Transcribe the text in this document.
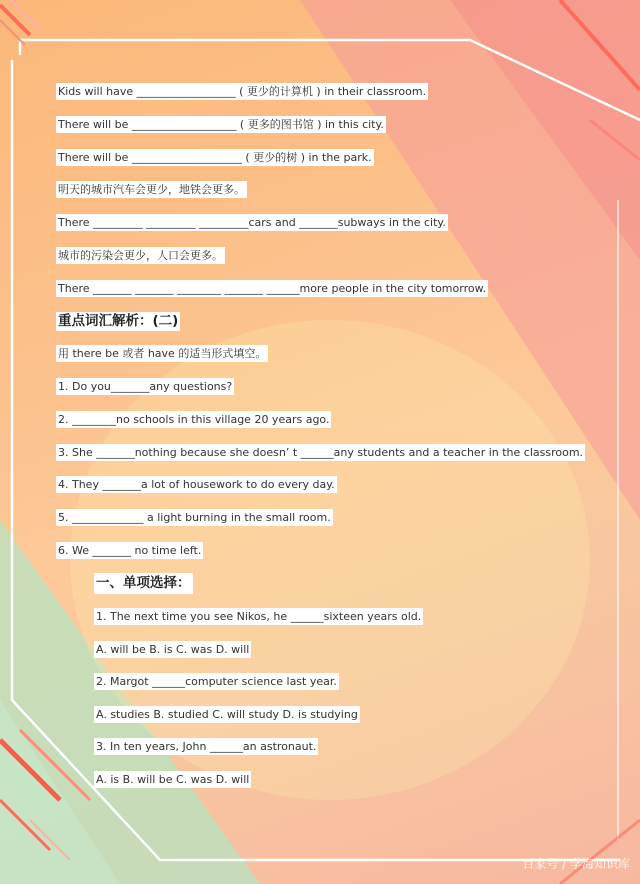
Kids will have __________________ ( 更少的计算机 ) in their classroom.
There will be ___________________ ( 更多的图书馆 ) in this city.
There will be ____________________ ( 更少的树 ) in the park.
明天的城市汽车会更少，地铁会更多。
There _________ _________ _________cars and _______subways in the city.
城市的污染会更少，人口会更多。
There _______ _______ ________ _______ ______more people in the city tomorrow.
重点词汇解析：(二)
用 there be 或者 have 的适当形式填空。
1. Do you_______any questions?
2. ________no schools in this village 20 years ago.
3. She _______nothing because she doesn’ t ______any students and a teacher in the classroom.
4. They _______a lot of housework to do every day.
5. _____________ a light burning in the small room.
6. We _______ no time left.
一、单项选择：
1. The next time you see Nikos, he ______sixteen years old.
A. will be B. is C. was D. will
2. Margot ______computer science last year.
A. studies B. studied C. will study D. is studying
3. In ten years, John ______an astronaut.
A. is B. will be C. was D. will
百家号 / 学海知识库
